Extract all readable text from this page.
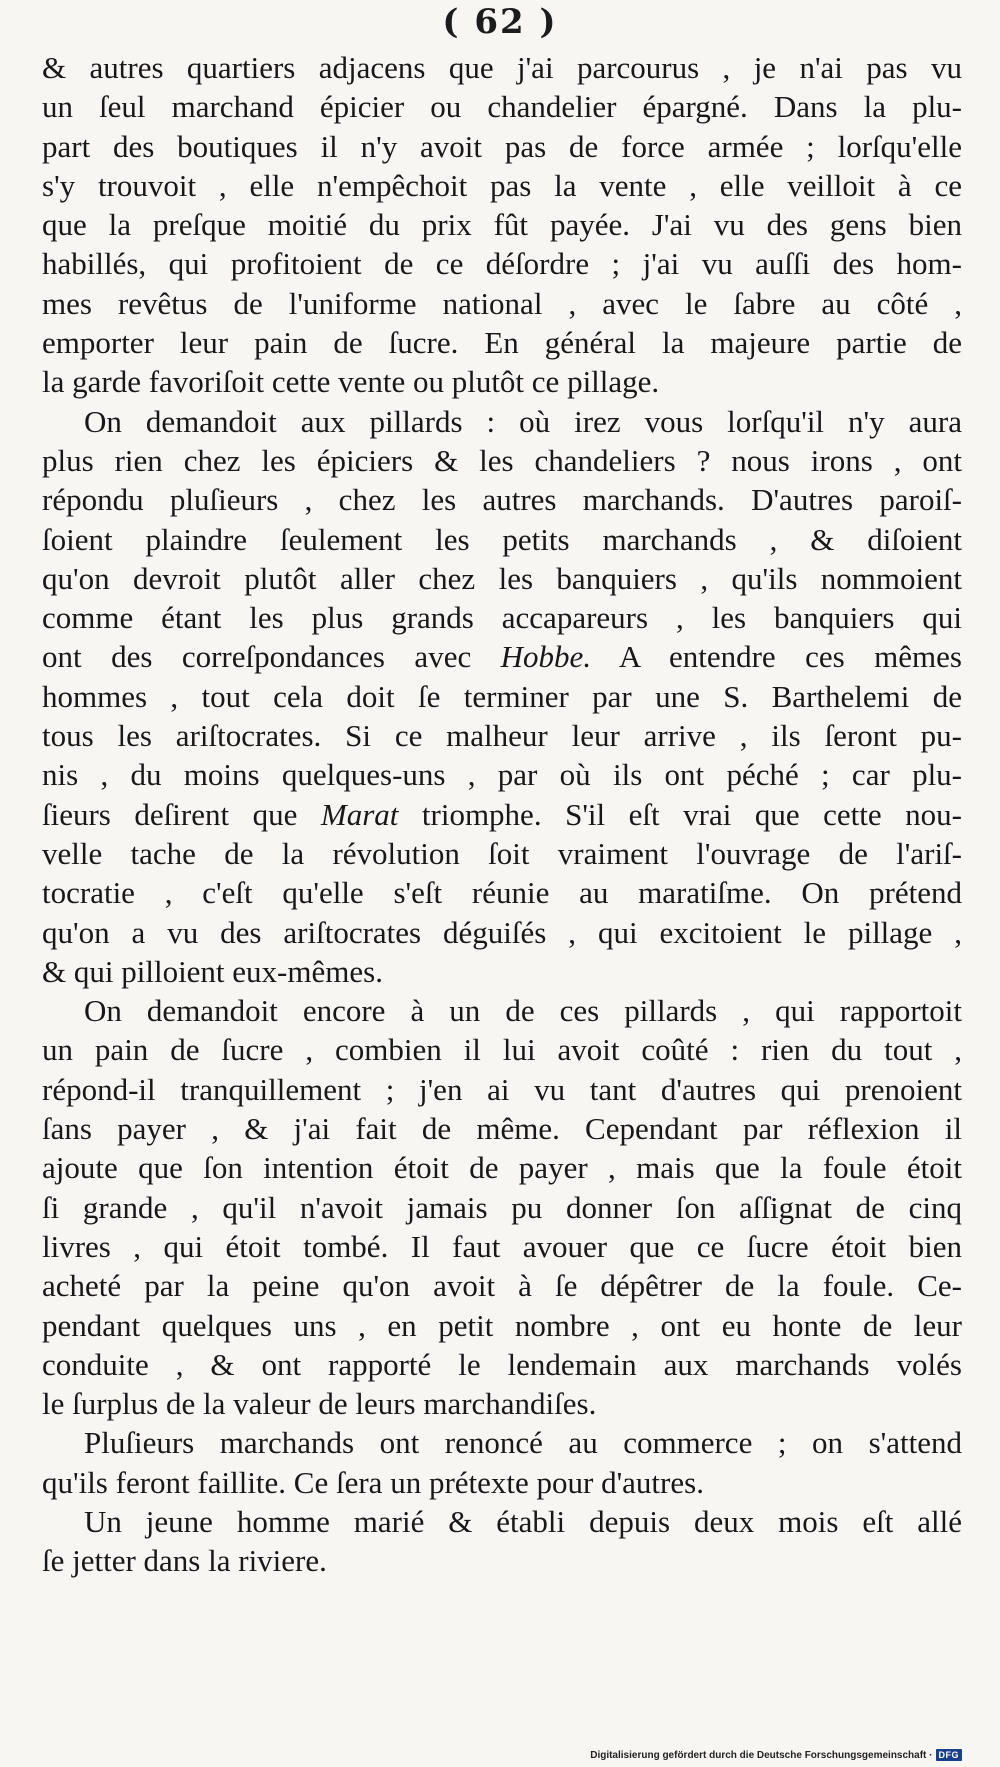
( 62 )
& autres quartiers adjacens que j'ai parcourus , je n'ai pas vu
un ſeul marchand épicier ou chandelier épargné. Dans la plu-
part des boutiques il n'y avoit pas de force armée ; lorſqu'elle
s'y trouvoit , elle n'empêchoit pas la vente , elle veilloit à ce
que la preſque moitié du prix fût payée. J'ai vu des gens bien
habillés, qui profitoient de ce déſordre ; j'ai vu auſſi des hom-
mes revêtus de l'uniforme national , avec le ſabre au côté ,
emporter leur pain de ſucre. En général la majeure partie de
la garde favoriſoit cette vente ou plutôt ce pillage.
On demandoit aux pillards : où irez vous lorſqu'il n'y aura
plus rien chez les épiciers & les chandeliers ? nous irons , ont
répondu pluſieurs , chez les autres marchands. D'autres paroiſ-
ſoient plaindre ſeulement les petits marchands , & diſoient
qu'on devroit plutôt aller chez les banquiers , qu'ils nommoient
comme étant les plus grands accapareurs , les banquiers qui
ont des correſpondances avec Hobbe. A entendre ces mêmes
hommes , tout cela doit ſe terminer par une S. Barthelemi de
tous les ariſtocrates. Si ce malheur leur arrive , ils ſeront pu-
nis , du moins quelques-uns , par où ils ont péché ; car plu-
ſieurs deſirent que Marat triomphe. S'il eſt vrai que cette nou-
velle tache de la révolution ſoit vraiment l'ouvrage de l'ariſ-
tocratie , c'eſt qu'elle s'eſt réunie au maratiſme. On prétend
qu'on a vu des ariſtocrates déguiſés , qui excitoient le pillage ,
& qui pilloient eux-mêmes.
On demandoit encore à un de ces pillards , qui rapportoit
un pain de ſucre , combien il lui avoit coûté : rien du tout ,
répond-il tranquillement ; j'en ai vu tant d'autres qui prenoient
ſans payer , & j'ai fait de même. Cependant par réflexion il
ajoute que ſon intention étoit de payer , mais que la foule étoit
ſi grande , qu'il n'avoit jamais pu donner ſon aſſignat de cinq
livres , qui étoit tombé. Il faut avouer que ce ſucre étoit bien
acheté par la peine qu'on avoit à ſe dépêtrer de la foule. Ce-
pendant quelques uns , en petit nombre , ont eu honte de leur
conduite , & ont rapporté le lendemain aux marchands volés
le ſurplus de la valeur de leurs marchandiſes.
Pluſieurs marchands ont renoncé au commerce ; on s'attend
qu'ils feront faillite. Ce ſera un prétexte pour d'autres.
Un jeune homme marié & établi depuis deux mois eſt allé
ſe jetter dans la riviere.
Digitalisierung gefördert durch die Deutsche Forschungsgemeinschaft · DFG
